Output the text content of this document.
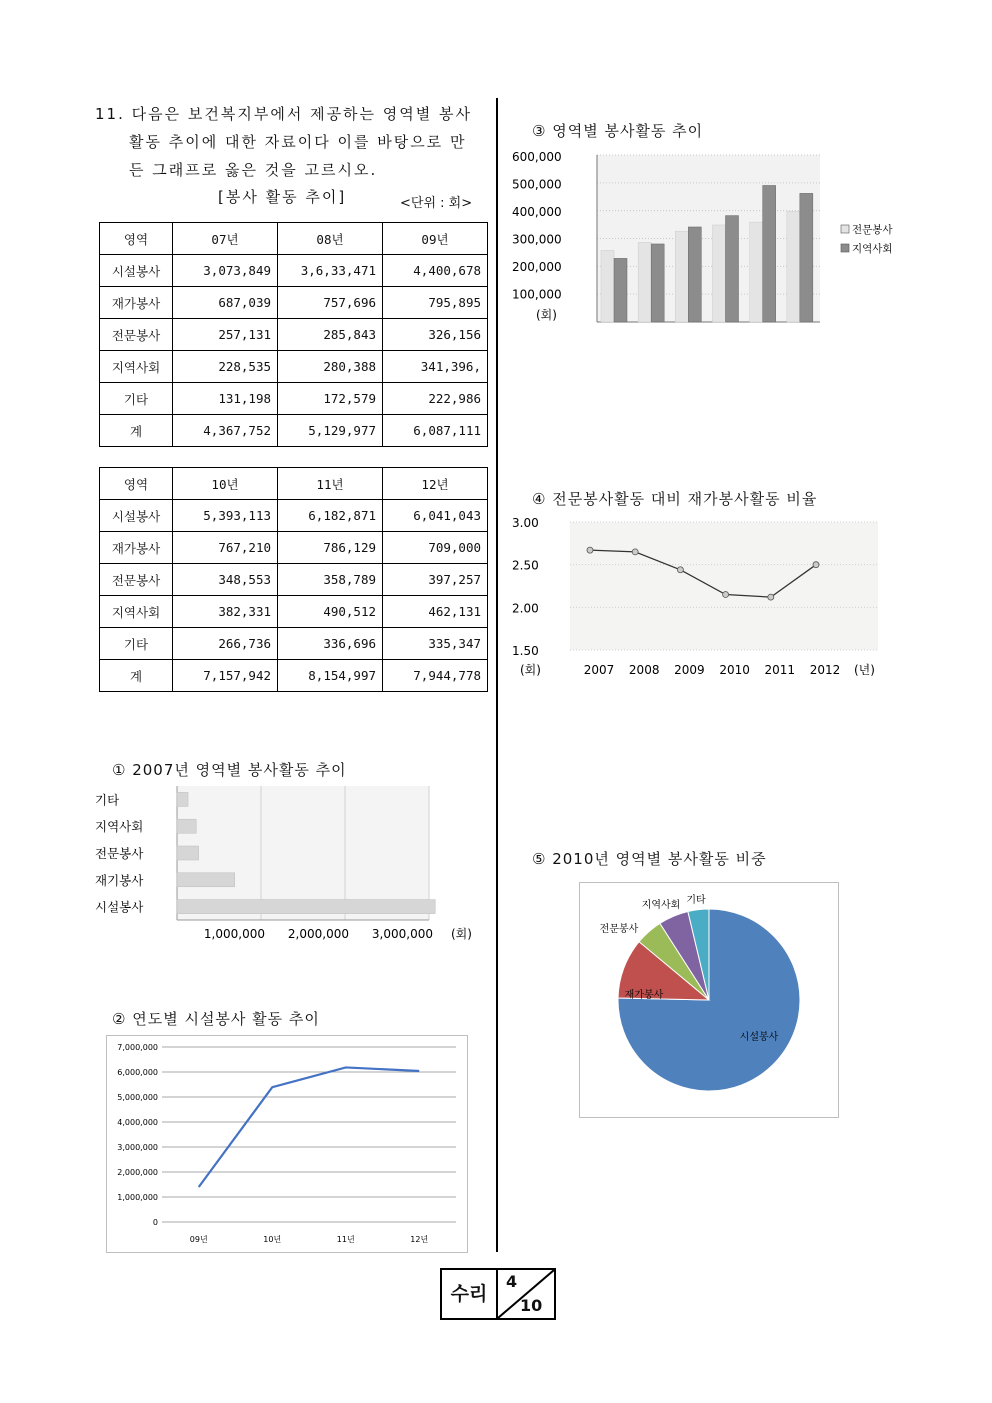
11. 다음은 보건복지부에서 제공하는 영역별 봉사
활동 추이에 대한 자료이다 이를 바탕으로 만
든 그래프로 옳은 것을 고르시오.
[봉사 활동 추이]	<단위 : 회>
영역	07년	08년	09년
시설봉사	3,073,849	3,6,33,471	4,400,678
재가봉사	687,039	757,696	795,895
전문봉사	257,131	285,843	326,156
지역사회	228,535	280,388	341,396,
기타	131,198	172,579	222,986
계	4,367,752	5,129,977	6,087,111
영역	10년	11년	12년
시설봉사	5,393,113	6,182,871	6,041,043
재가봉사	767,210	786,129	709,000
전문봉사	348,553	358,789	397,257
지역사회	382,331	490,512	462,131
기타	266,736	336,696	335,347
계	7,157,942	8,154,997	7,944,778
① 2007년 영역별 봉사활동 추이
기타
지역사회
전문봉사
재기봉사
시설봉사
1,000,000 2,000,000 3,000,000 (회)
② 연도별 시설봉사 활동 추이
0
1,000,000
2,000,000
3,000,000
4,000,000
5,000,000
6,000,000
7,000,000
09년	10년	11년	12년
③ 영역별 봉사활동 추이
600,000
500,000
400,000
300,000
200,000
100,000
(회)
전문봉사
지역사회
④ 전문봉사활동 대비 재가봉사활동 비율
3.00
2.50
2.00
1.50
2007 2008 2009 2010 2011 2012
(회)	(년)
⑤ 2010년 영역별 봉사활동 비중
시설봉사
재가봉사
전문봉사
지역사회 기타
수리
4
10
